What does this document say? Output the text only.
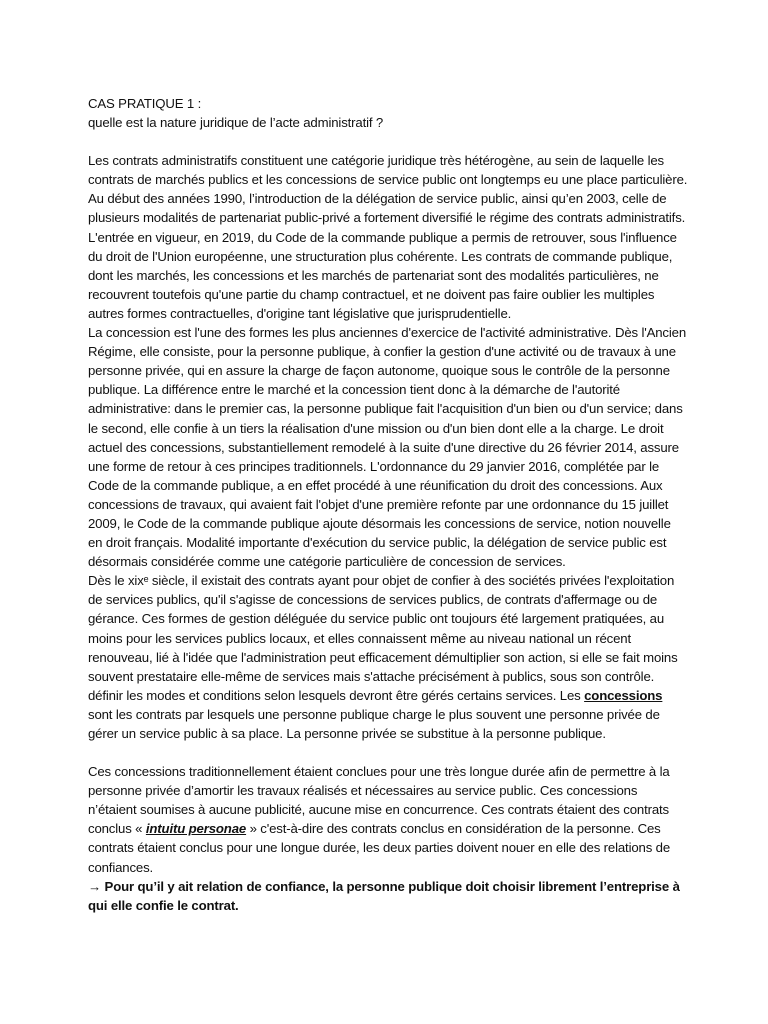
CAS PRATIQUE 1 :

quelle est la nature juridique de l’acte administratif ?

Les contrats administratifs constituent une catégorie juridique très hétérogène, au sein de laquelle les contrats de marchés publics et les concessions de service public ont longtemps eu une place particulière. Au début des années 1990, l’introduction de la délégation de service public, ainsi qu’en 2003, celle de plusieurs modalités de partenariat public-privé a fortement diversifié le régime des contrats administratifs.

L'entrée en vigueur, en 2019, du Code de la commande publique a permis de retrouver, sous l'influence du droit de l'Union européenne, une structuration plus cohérente. Les contrats de commande publique, dont les marchés, les concessions et les marchés de partenariat sont des modalités particulières, ne recouvrent toutefois qu'une partie du champ contractuel, et ne doivent pas faire oublier les multiples autres formes contractuelles, d'origine tant législative que jurisprudentielle.

La concession est l'une des formes les plus anciennes d'exercice de l'activité administrative. Dès l'Ancien Régime, elle consiste, pour la personne publique, à confier la gestion d'une activité ou de travaux à une personne privée, qui en assure la charge de façon autonome, quoique sous le contrôle de la personne publique. La différence entre le marché et la concession tient donc à la démarche de l'autorité administrative: dans le premier cas, la personne publique fait l'acquisition d'un bien ou d'un service; dans le second, elle confie à un tiers la réalisation d'une mission ou d'un bien dont elle a la charge. Le droit actuel des concessions, substantiellement remodelé à la suite d'une directive du 26 février 2014, assure une forme de retour à ces principes traditionnels. L'ordonnance du 29 janvier 2016, complétée par le Code de la commande publique, a en effet procédé à une réunification du droit des concessions. Aux concessions de travaux, qui avaient fait l'objet d'une première refonte par une ordonnance du 15 juillet 2009, le Code de la commande publique ajoute désormais les concessions de service, notion nouvelle en droit français. Modalité importante d'exécution du service public, la délégation de service public est désormais considérée comme une catégorie particulière de concession de services.

Dès le xixᵉ siècle, il existait des contrats ayant pour objet de confier à des sociétés privées l'exploitation de services publics, qu'il s'agisse de concessions de services publics, de contrats d'affermage ou de gérance. Ces formes de gestion déléguée du service public ont toujours été largement pratiquées, au moins pour les services publics locaux, et elles connaissent même au niveau national un récent renouveau, lié à l'idée que l'administration peut efficacement démultiplier son action, si elle se fait moins souvent prestataire elle-même de services mais s'attache précisément à publics, sous son contrôle.

définir les modes et conditions selon lesquels devront être gérés certains services. Les concessions sont les contrats par lesquels une personne publique charge le plus souvent une personne privée de gérer un service public à sa place. La personne privée se substitue à la personne publique.

Ces concessions traditionnellement étaient conclues pour une très longue durée afin de permettre à la personne privée d’amortir les travaux réalisés et nécessaires au service public. Ces concessions n’étaient soumises à aucune publicité, aucune mise en concurrence. Ces contrats étaient des contrats conclus « intuitu personae » c'est-à-dire des contrats conclus en considération de la personne. Ces contrats étaient conclus pour une longue durée, les deux parties doivent nouer en elle des relations de confiances.

→ Pour qu’il y ait relation de confiance, la personne publique doit choisir librement l’entreprise à qui elle confie le contrat.
